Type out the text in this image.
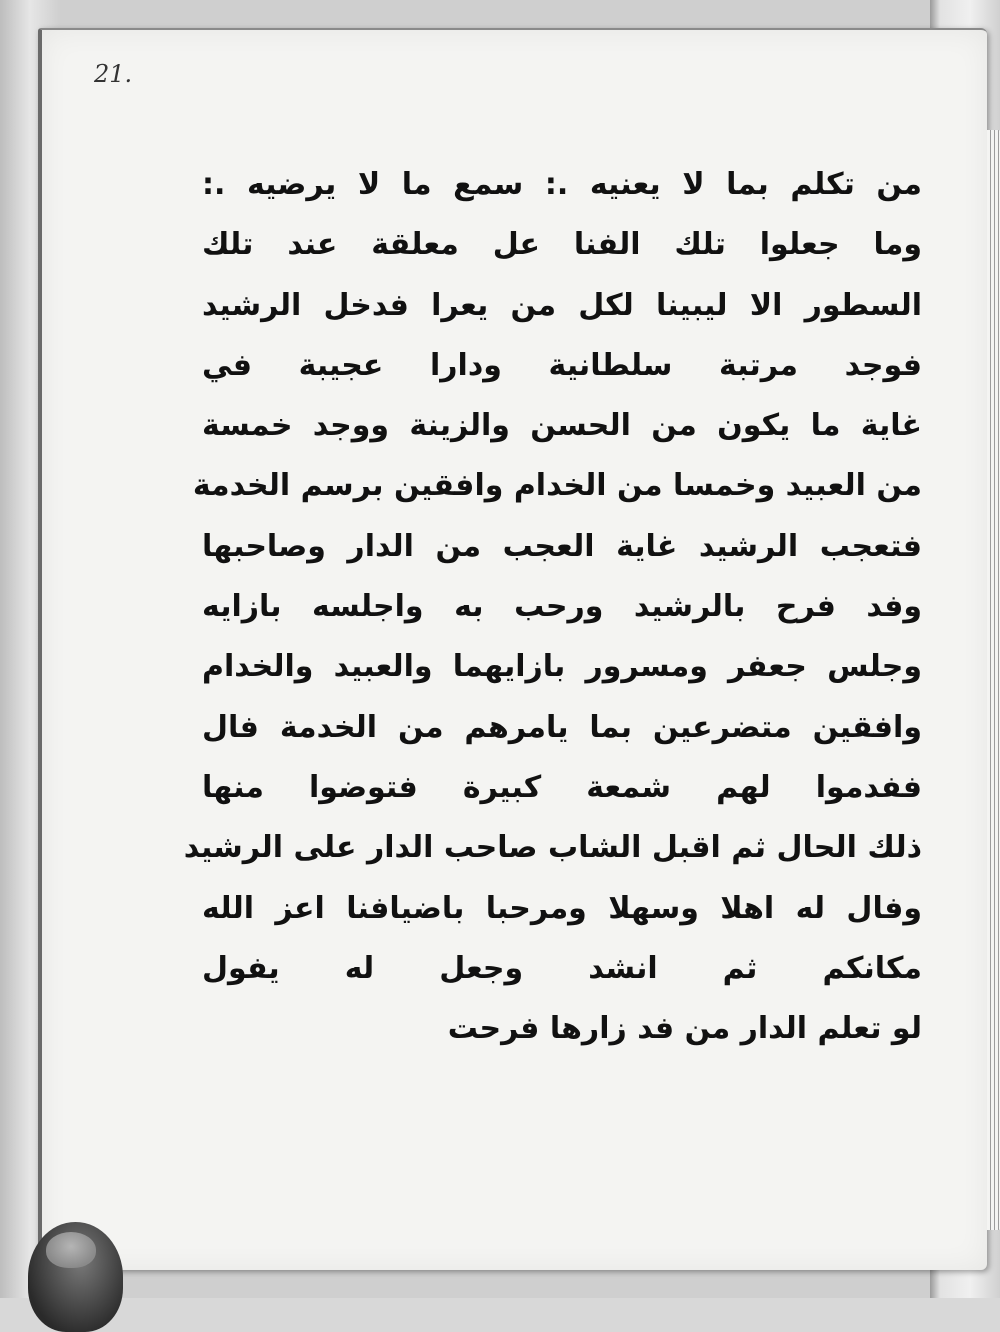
21.
من تكلم بما لا يعنيه .: سمع ما لا يرضيه .:
وما جعلوا تلك الفنا عل معلقة عند تلك
السطور الا ليبينا لكل من يعرا فدخل الرشيد
فوجد مرتبة سلطانية ودارا عجيبة في
غاية ما يكون من الحسن والزينة ووجد خمسة
من العبيد وخمسا من الخدام وافقين برسم الخدمة
فتعجب الرشيد غاية العجب من الدار وصاحبها
وفد فرح بالرشيد ورحب به واجلسه بازايه
وجلس جعفر ومسرور بازايهما والعبيد والخدام
وافقين متضرعين بما يامرهم من الخدمة فال
ففدموا لهم شمعة كبيرة فتوضوا منها
ذلك الحال ثم اقبل الشاب صاحب الدار على الرشيد
وفال له اهلا وسهلا ومرحبا باضيافنا اعز الله
مكانكم ثم انشد وجعل له يفول
لو تعلم الدار من فد زارها فرحت
